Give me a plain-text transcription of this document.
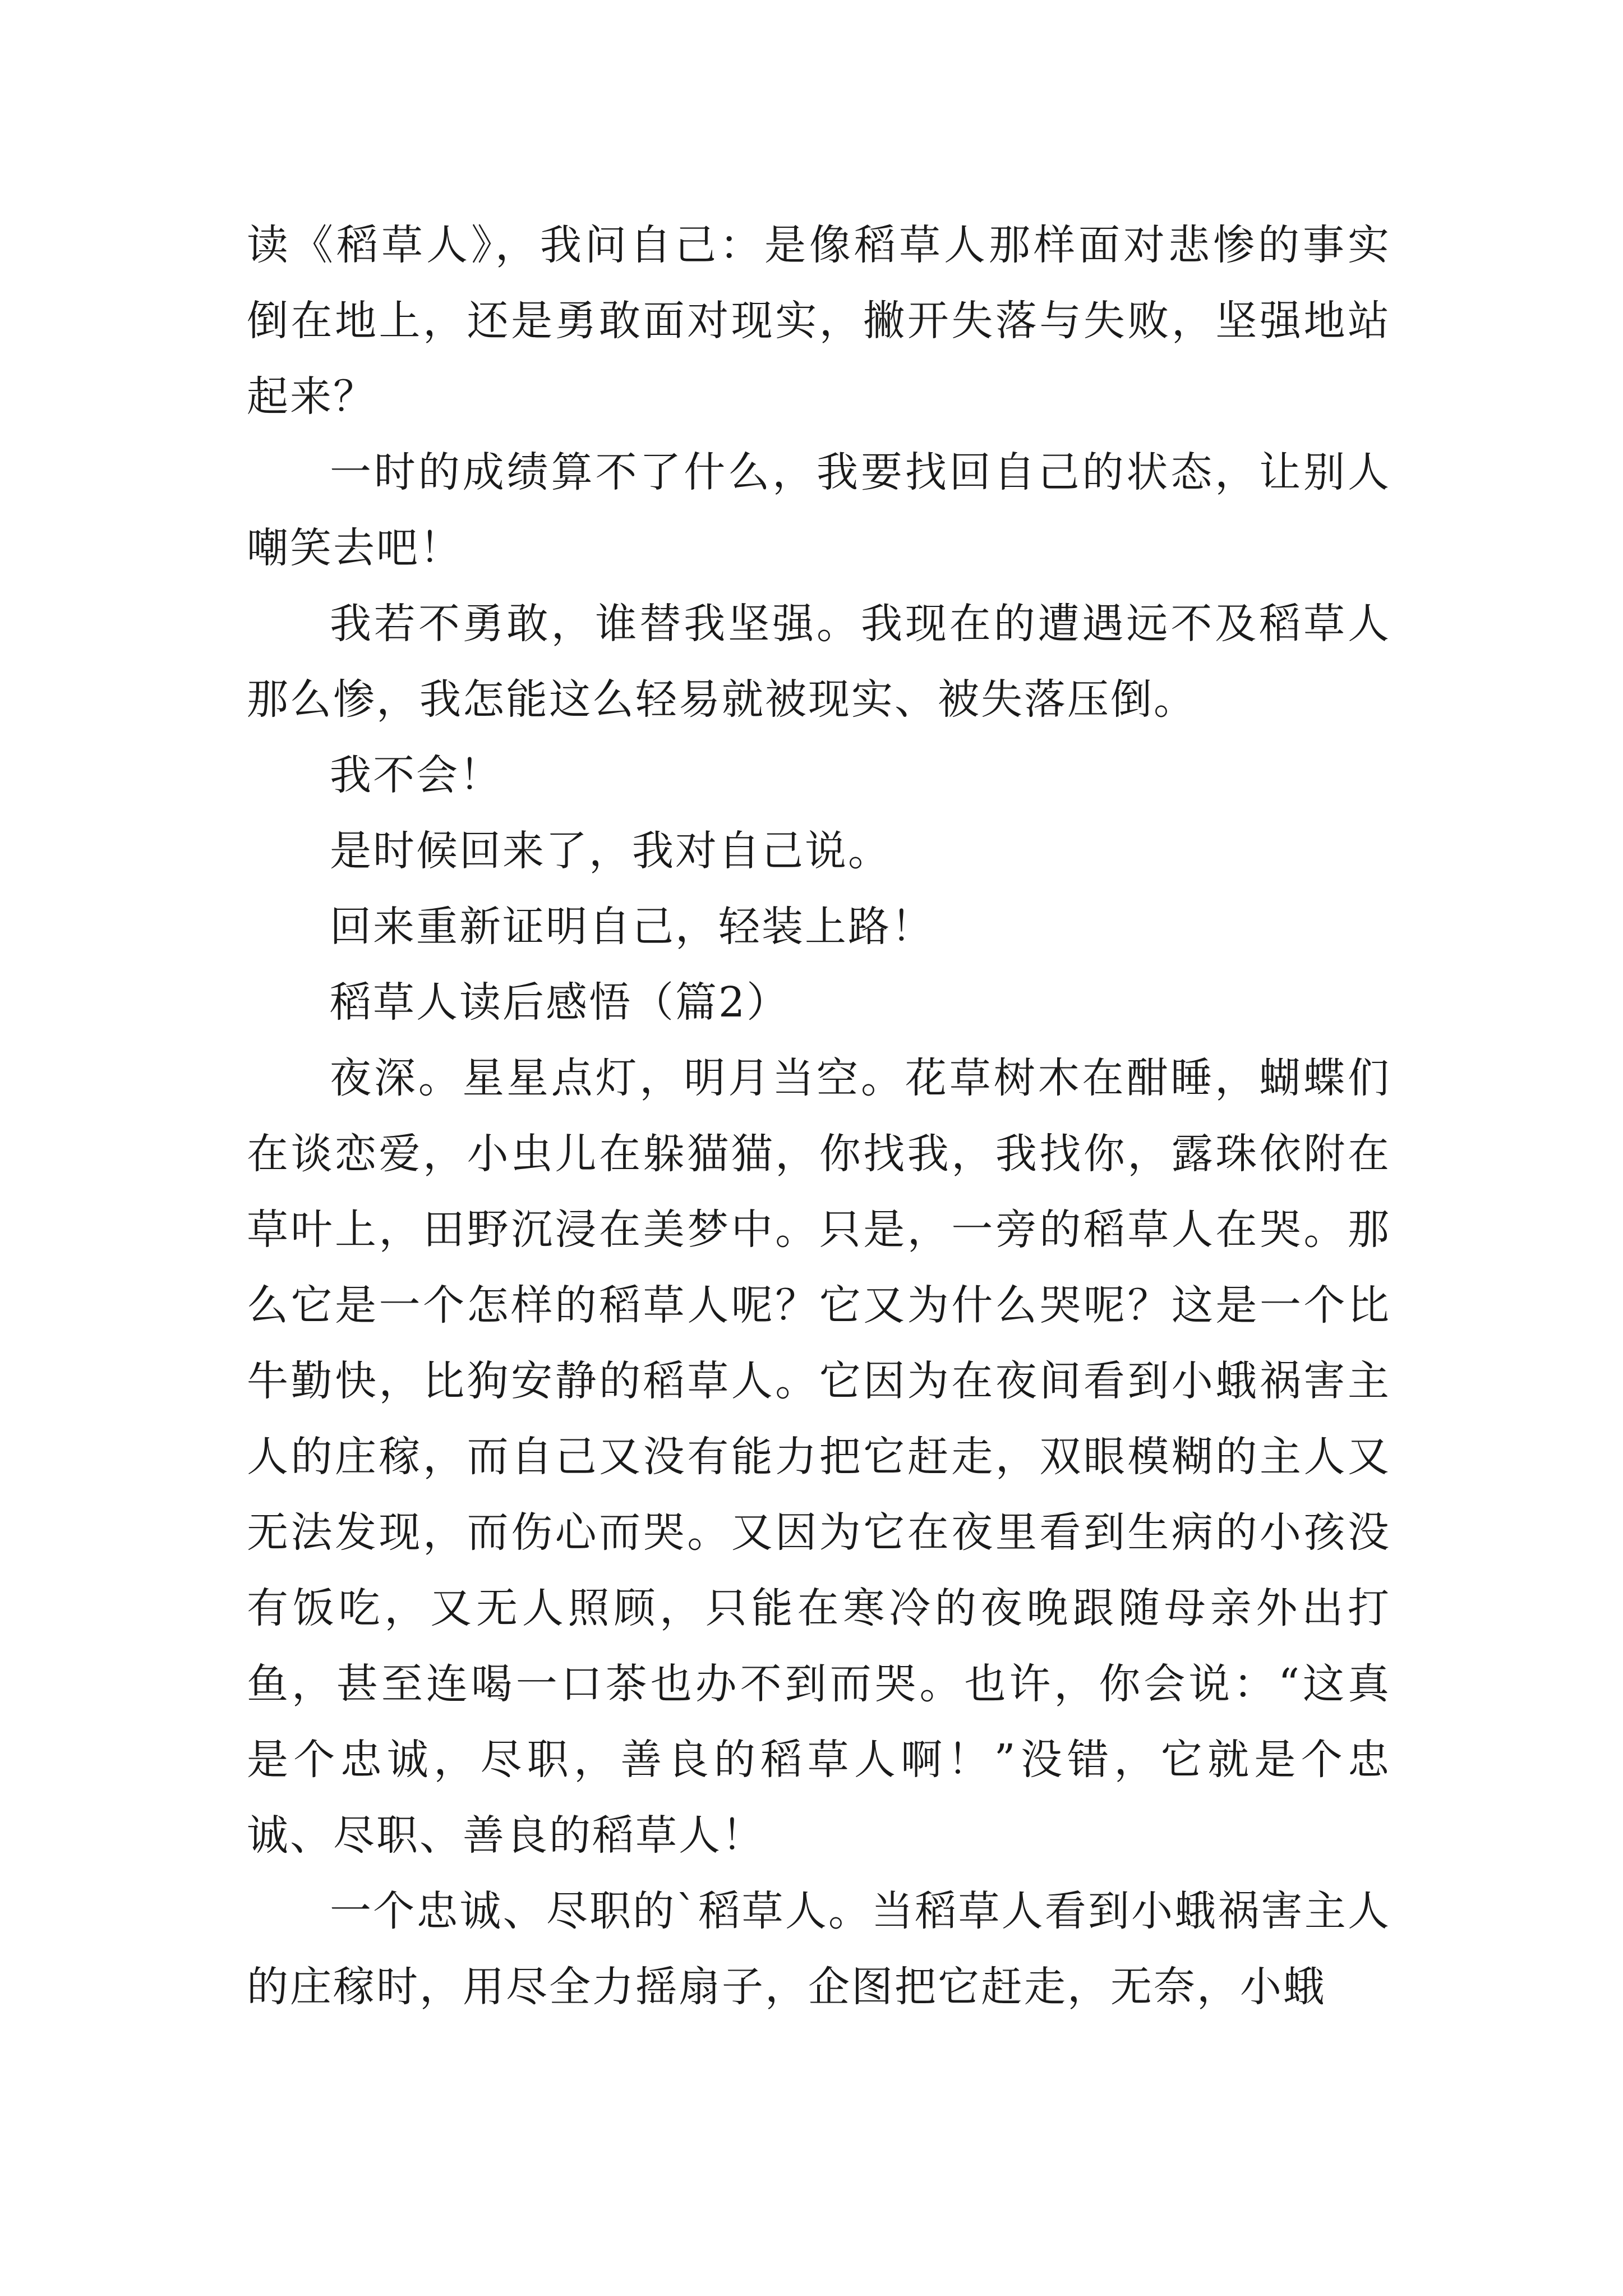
读《稻草人》，我问自己：是像稻草人那样面对悲惨的事实倒在地上，还是勇敢面对现实，撇开失落与失败，坚强地站起来？

一时的成绩算不了什么，我要找回自己的状态，让别人嘲笑去吧！

我若不勇敢，谁替我坚强。我现在的遭遇远不及稻草人那么惨，我怎能这么轻易就被现实、被失落压倒。

我不会！

是时候回来了，我对自己说。

回来重新证明自己，轻装上路！

稻草人读后感悟（篇2）

夜深。星星点灯，明月当空。花草树木在酣睡，蝴蝶们在谈恋爱，小虫儿在躲猫猫，你找我，我找你，露珠依附在草叶上，田野沉浸在美梦中。只是，一旁的稻草人在哭。那么它是一个怎样的稻草人呢？它又为什么哭呢？这是一个比牛勤快，比狗安静的稻草人。它因为在夜间看到小蛾祸害主人的庄稼，而自己又没有能力把它赶走，双眼模糊的主人又无法发现，而伤心而哭。又因为它在夜里看到生病的小孩没有饭吃，又无人照顾，只能在寒冷的夜晚跟随母亲外出打鱼，甚至连喝一口茶也办不到而哭。也许，你会说：“这真是个忠诚，尽职，善良的稻草人啊！”没错，它就是个忠诚、尽职、善良的稻草人！

一个忠诚、尽职的`稻草人。当稻草人看到小蛾祸害主人的庄稼时，用尽全力摇扇子，企图把它赶走，无奈，小蛾
